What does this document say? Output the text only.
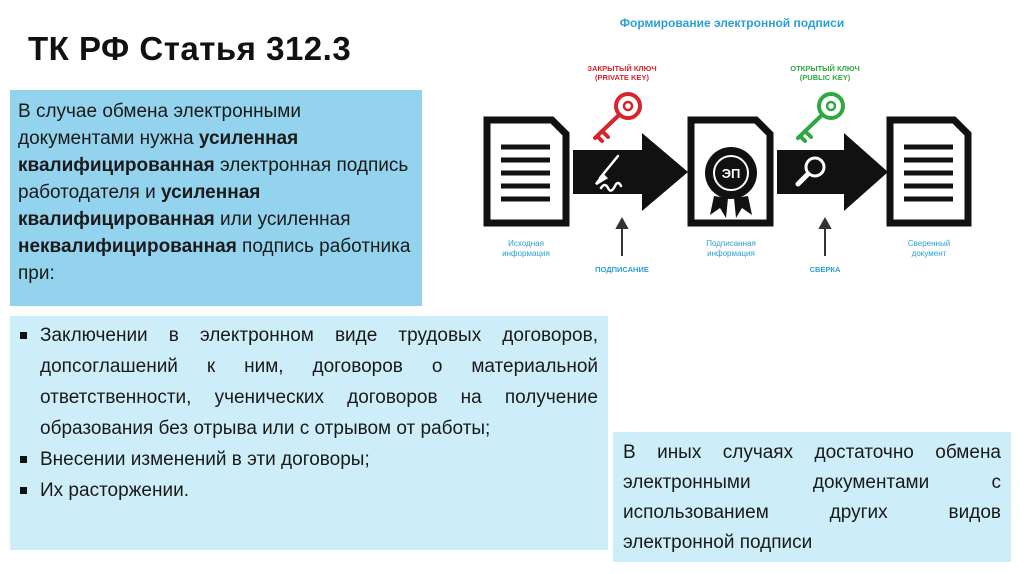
ТК РФ Статья 312.3
В случае обмена электронными документами нужна усиленная квалифицированная электронная подпись работодателя и усиленная квалифицированная или усиленная неквалифицированная подпись работника при:
Заключении в электронном виде трудовых договоров, допсоглашений к ним, договоров о материальной ответственности, ученических договоров на получение образования без отрыва или с отрывом от работы;
Внесении изменений в эти договоры;
Их расторжении.
В иных случаях достаточно обмена электронными документами с использованием других видов электронной подписи
Формирование электронной подписи
ЗАКРЫТЫЙ КЛЮЧ
(PRIVATE KEY)
ОТКРЫТЫЙ КЛЮЧ
(PUBLIC KEY)
ЭП
Исходная
информация
Подписанная
информация
Сверенный
документ
ПОДПИСАНИЕ	СВЕРКА
